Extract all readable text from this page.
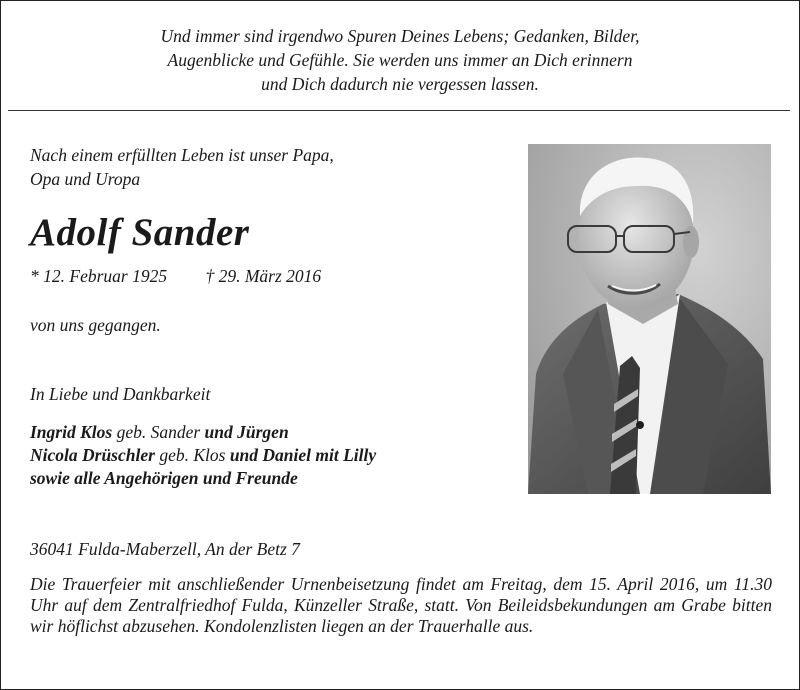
Und immer sind irgendwo Spuren Deines Lebens; Gedanken, Bilder,
Augenblicke und Gefühle. Sie werden uns immer an Dich erinnern
und Dich dadurch nie vergessen lassen.
Nach einem erfüllten Leben ist unser Papa,
Opa und Uropa
Adolf Sander
* 12. Februar 1925 † 29. März 2016
von uns gegangen.
In Liebe und Dankbarkeit
Ingrid Klos geb. Sander und Jürgen
Nicola Drüschler geb. Klos und Daniel mit Lilly
sowie alle Angehörigen und Freunde
36041 Fulda-Maberzell, An der Betz 7
Die Trauerfeier mit anschließender Urnenbeisetzung findet am Freitag, dem 15. April 2016, um 11.30 Uhr auf dem Zentralfriedhof Fulda, Künzeller Straße, statt. Von Beileidsbekundungen am Grabe bitten wir höflichst abzusehen. Kondolenzlisten liegen an der Trauerhalle aus.
